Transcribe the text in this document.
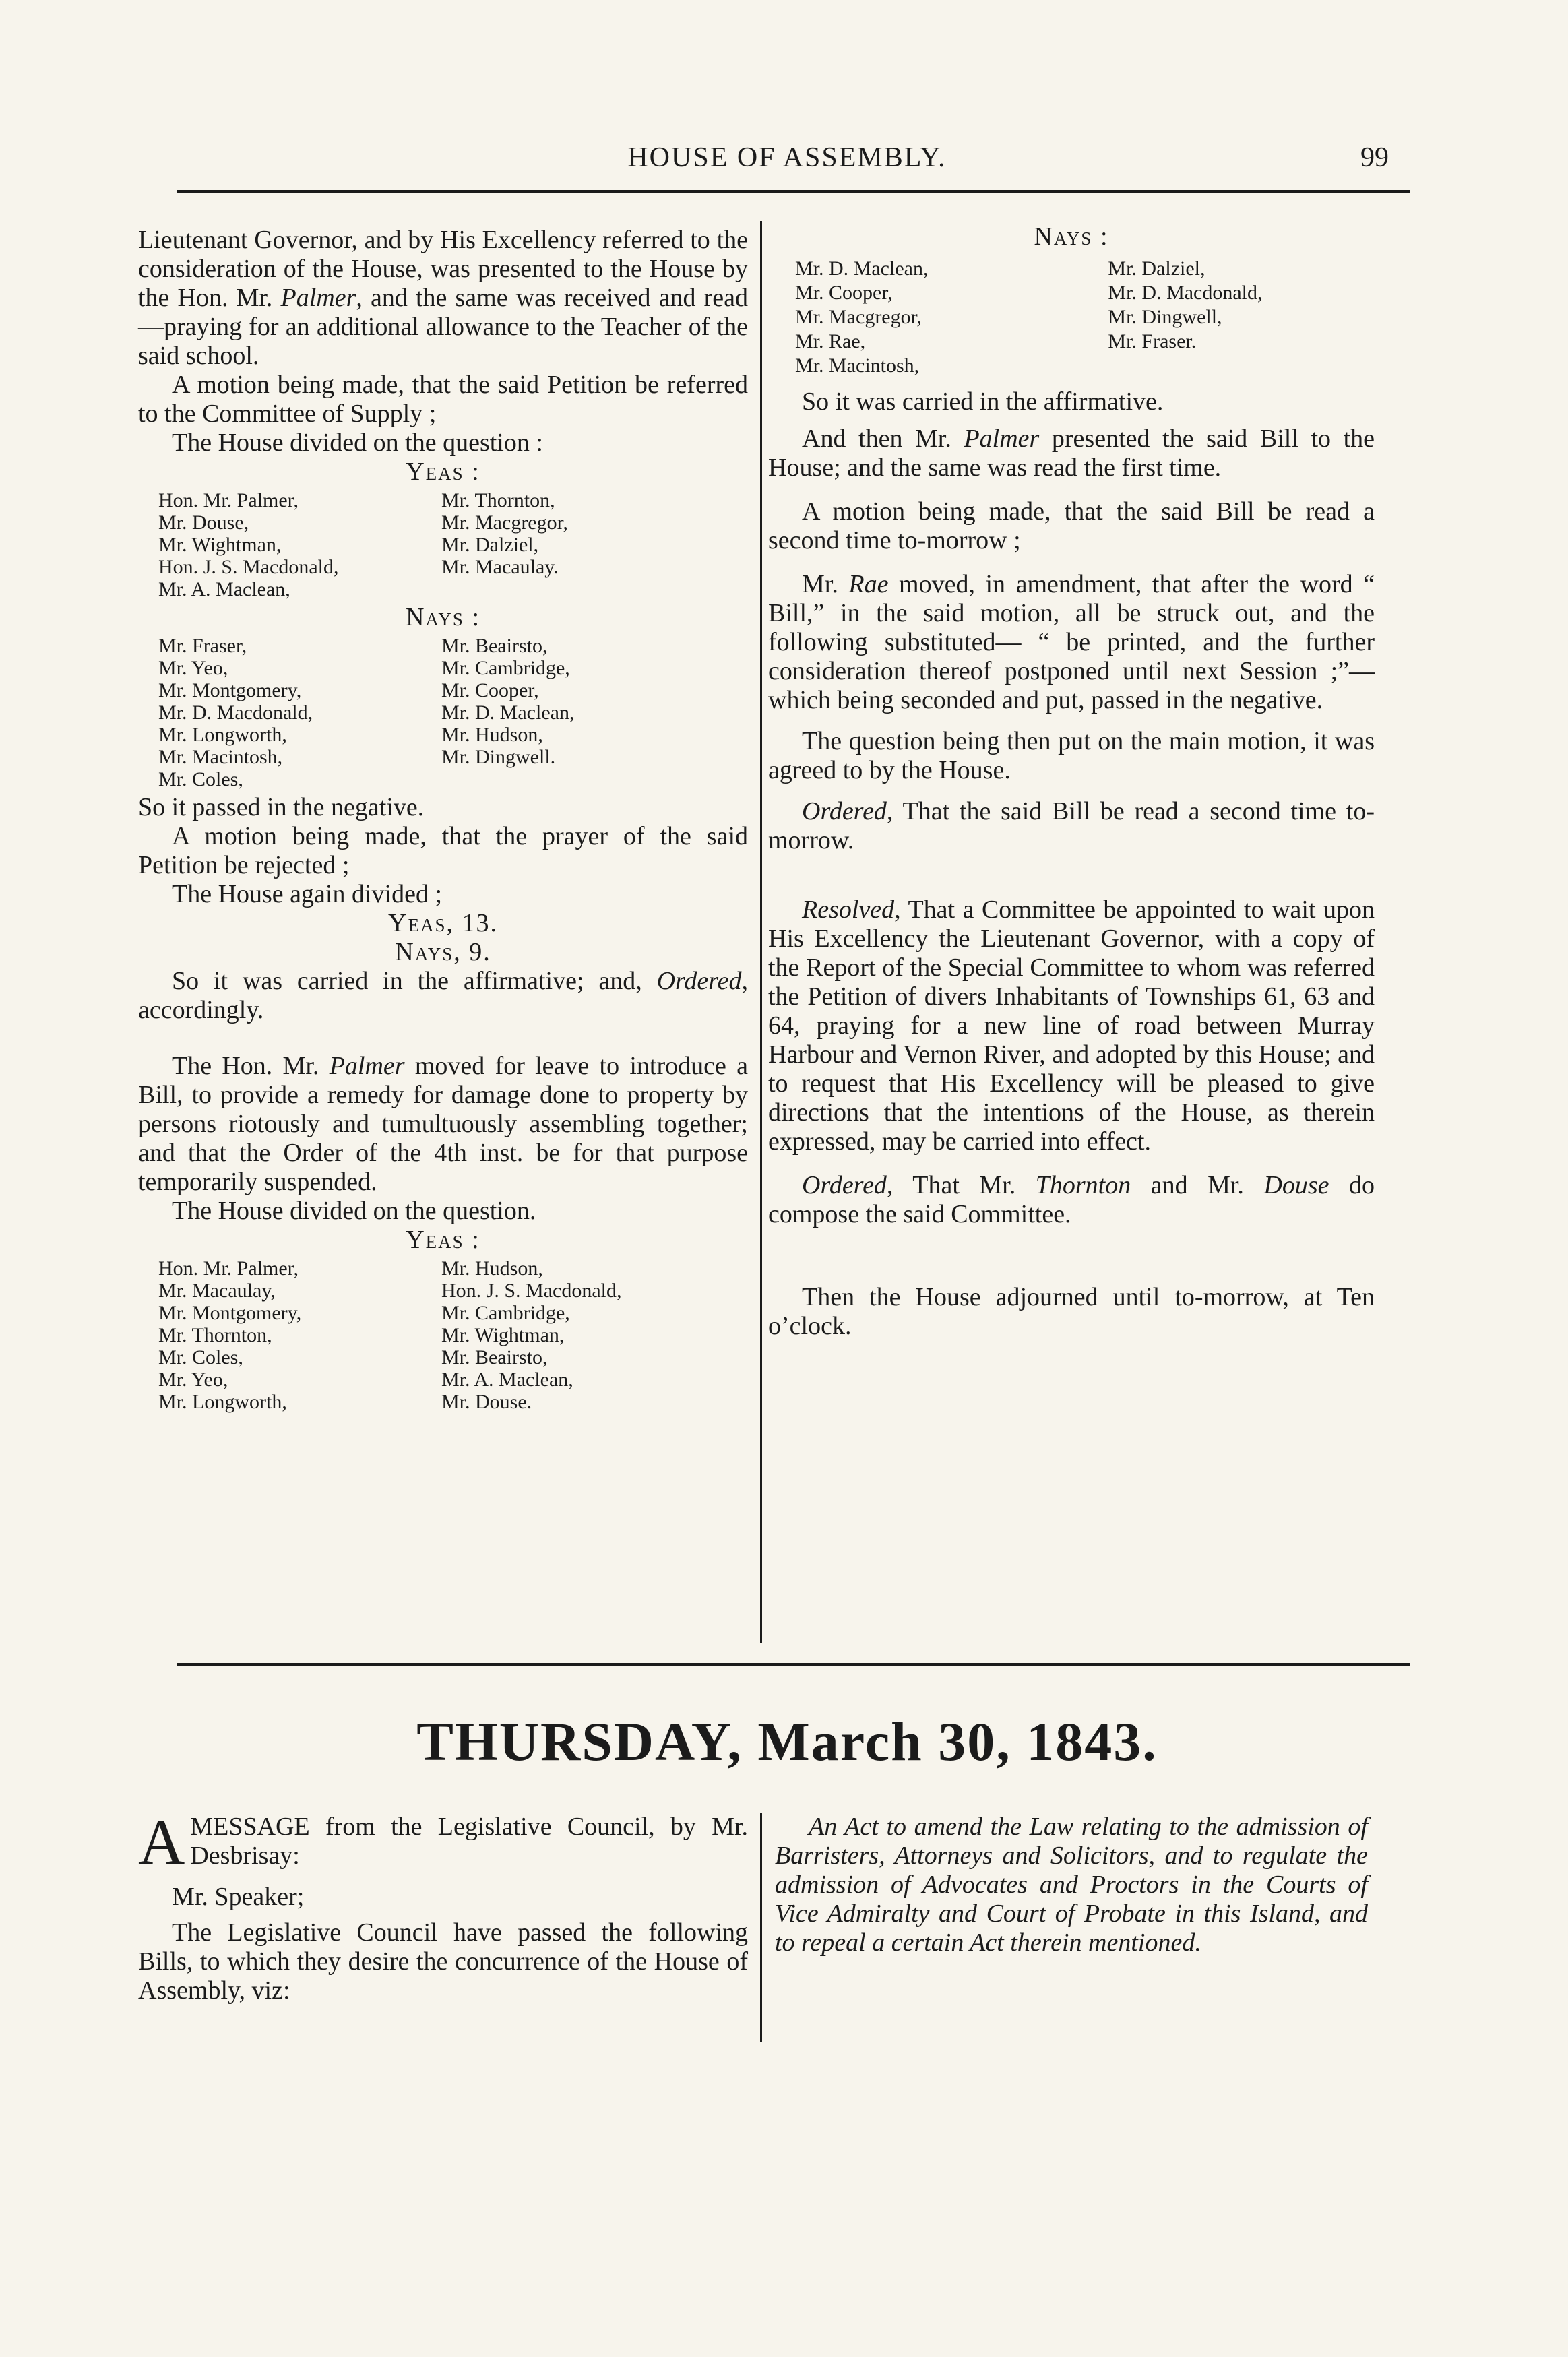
HOUSE OF ASSEMBLY.	99

Lieutenant Governor, and by His Excellency referred to the consideration of the House, was presented to the House by the Hon. Mr. Palmer, and the same was received and read —praying for an additional allowance to the Teacher of the said school.

A motion being made, that the said Petition be referred to the Committee of Supply ;

The House divided on the question :

Yeas :

Hon. Mr. Palmer,	Mr. Thornton,
Mr. Douse,	Mr. Macgregor,
Mr. Wightman,	Mr. Dalziel,
Hon. J. S. Macdonald,	Mr. Macaulay.
Mr. A. Maclean,

Nays :

Mr. Fraser,	Mr. Beairsto,
Mr. Yeo,	Mr. Cambridge,
Mr. Montgomery,	Mr. Cooper,
Mr. D. Macdonald,	Mr. D. Maclean,
Mr. Longworth,	Mr. Hudson,
Mr. Macintosh,	Mr. Dingwell.
Mr. Coles,

So it passed in the negative.

A motion being made, that the prayer of the said Petition be rejected ;

The House again divided ;

Yeas, 13.

Nays, 9.

So it was carried in the affirmative; and, Ordered, accordingly.

The Hon. Mr. Palmer moved for leave to introduce a Bill, to provide a remedy for damage done to property by persons riotously and tumultuously assembling together; and that the Order of the 4th inst. be for that purpose temporarily suspended.

The House divided on the question.

Yeas :

Hon. Mr. Palmer,	Mr. Hudson,
Mr. Macaulay,	Hon. J. S. Macdonald,
Mr. Montgomery,	Mr. Cambridge,
Mr. Thornton,	Mr. Wightman,
Mr. Coles,	Mr. Beairsto,
Mr. Yeo,	Mr. A. Maclean,
Mr. Longworth,	Mr. Douse.

Nays :

Mr. D. Maclean,	Mr. Dalziel,
Mr. Cooper,	Mr. D. Macdonald,
Mr. Macgregor,	Mr. Dingwell,
Mr. Rae,	Mr. Fraser.
Mr. Macintosh,

So it was carried in the affirmative.

And then Mr. Palmer presented the said Bill to the House; and the same was read the first time.

A motion being made, that the said Bill be read a second time to-morrow ;

Mr. Rae moved, in amendment, that after the word “ Bill,” in the said motion, all be struck out, and the following substituted— “ be printed, and the further consideration thereof postponed until next Session ;”—which being seconded and put, passed in the negative.

The question being then put on the main motion, it was agreed to by the House.

Ordered, That the said Bill be read a second time to-morrow.

Resolved, That a Committee be appointed to wait upon His Excellency the Lieutenant Governor, with a copy of the Report of the Special Committee to whom was referred the Petition of divers Inhabitants of Townships 61, 63 and 64, praying for a new line of road between Murray Harbour and Vernon River, and adopted by this House; and to request that His Excellency will be pleased to give directions that the intentions of the House, as therein expressed, may be carried into effect.

Ordered, That Mr. Thornton and Mr. Douse do compose the said Committee.

Then the House adjourned until to-morrow, at Ten o’clock.

THURSDAY, March 30, 1843.

AMESSAGE from the Legislative Council, by Mr. Desbrisay:

Mr. Speaker;

The Legislative Council have passed the following Bills, to which they desire the concurrence of the House of Assembly, viz:

An Act to amend the Law relating to the admission of Barristers, Attorneys and Solicitors, and to regulate the admission of Advocates and Proctors in the Courts of Vice Admiralty and Court of Probate in this Island, and to repeal a certain Act therein mentioned.
